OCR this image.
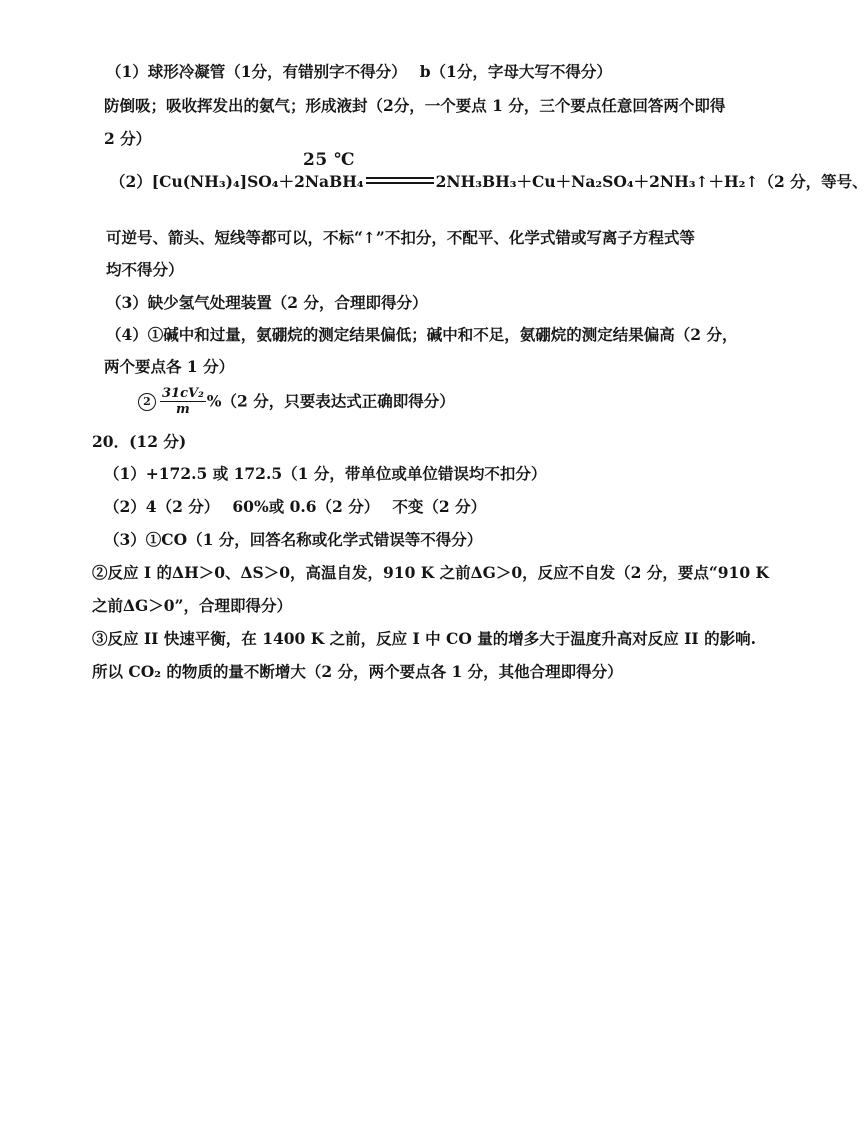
（1）球形冷凝管（1分，有错别字不得分）　 b（1分，字母大写不得分）
防倒吸；吸收挥发出的氨气；形成液封（2分，一个要点 1 分，三个要点任意回答两个即得
2 分）
25 ℃
（2）[Cu(NH₃)₄]SO₄＋2NaBH₄	2NH₃BH₃＋Cu＋Na₂SO₄＋2NH₃↑＋H₂↑（2 分，等号、
可逆号、箭头、短线等都可以，不标“↑”不扣分，不配平、化学式错或写离子方程式等
均不得分）
（3）缺少氢气处理装置（2 分，合理即得分）
（4）①碱中和过量，氨硼烷的测定结果偏低；碱中和不足，氨硼烷的测定结果偏高（2 分，
两个要点各 1 分）
$2 \frac{\text{31cV₂}}{m} \%(2$ 分，只要表达式正确即得分）
20．(12 分)
（1）+172.5 或 172.5（1 分，带单位或单位错误均不扣分）
（2）4（2 分）　 60%或 0.6（2 分）　 不变（2 分）
（3）①CO（1 分，回答名称或化学式错误等不得分）
②反应 I 的ΔH＞0、ΔS＞0，高温自发，910 K 之前ΔG＞0，反应不自发（2 分，要点“910 K
之前ΔG＞0”，合理即得分）
③反应 II 快速平衡，在 1400 K 之前，反应 I 中 CO 量的增多大于温度升高对反应 II 的影响.
所以 CO₂ 的物质的量不断增大（2 分，两个要点各 1 分，其他合理即得分）
